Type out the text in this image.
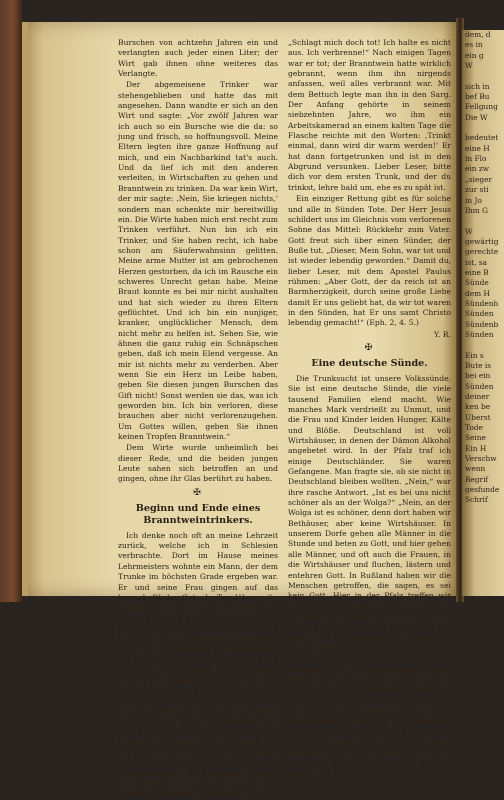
dem, d
es in
ein g
W

sich in
bef Bu
Fellgung
Die W

bedeutet
eine H
in Flo
ein zw
„sieger
zur sti
in Jo
Ihm G

W
gewärtig
gerechte
ist, sa
eine B
Sünde
dem H
Sündenh
Sünden
Sündenb
Sünden

Ein s
Bute is
bei ein
Sünden
deiner
ken be
Uberst
Tode
Seine
Ein H
Verschw
wenn
Begrif
gesfunde
Schrif

Burschen von achtzehn Jahren ein und verlangten auch jeder einen Liter; der Wirt gab ihnen ohne weiteres das Verlangte.

Der abgemeisene Trinker war stehengeblieben und hatte das mit angesehen. Dann wandte er sich an den Wirt und sagte: „Vor zwölf Jahren war ich auch so ein Bursche wie die da: so jung und frisch, so hoffnungsvoll. Meine Eltern legten ihre ganze Hoffnung auf mich, und ein Nachbarkind tat's auch. Und da lief ich mit den anderen verleiten, in Wirtschaften zu gehen und Branntwein zu trinken. Da war kein Wirt, der mir sagte: ‚Nein, Sie kriegen nichts,‘ sondern man schenkte mir bereitwillig ein. Die Wirte haben mich erst recht zum Trinken verführt. Nun bin ich ein Trinker, und Sie haben recht, ich habe schon am Säuferwahnsinn gelitten. Meine arme Mutter ist am gebrochenen Herzen gestorben, da ich im Rausche ein schweres Unrecht getan habe. Meine Braut konnte es bei mir nicht aushalten und hat sich wieder zu ihren Eltern geflüchtet. Und ich bin ein nunjiger, kranker, unglücklicher Mensch, dem nicht mehr zu helfen ist. Sehen Sie, wie ähnen die ganz ruhig ein Schnäpschen geben, daß ich mein Elend vergesse. An mir ist nichts mehr zu verderben. Aber wenn Sie ein Herz im Leibe haben, geben Sie diesen jungen Burschen das Gift nicht! Sonst werden sie das, was ich geworden bin. Ich bin verloren, diese brauchen aber nicht verlorenzugehen. Um Gottes willen, geben Sie ihnen keinen Tropfen Branntwein.“

Dem Wirte wurde unheimlich bei dieser Rede, und die beiden jungen Leute sahen sich betroffen an und gingen, ohne ihr Glas berührt zu haben.

✠
Beginn und Ende eines Branntweintrinkers.

Ich denke noch oft an meine Lehrzeit zurück, welche ich in Schlesien verbrachte. Dort im Hause meines Lehrmeisters wohnte ein Mann, der dem Trunke im höchsten Grade ergeben war. Er und seine Frau gingen auf das herrschaftliche Gut als Tagelöhner, ihr einziges Kind mußte inzwischen bei anderen Leuten untergebracht werden. Die Frau mußte vor ihrem Manne allen Keller, Stall und Wohnung verschließen; nicht war ihm zu gering oder zu wertvoll, um es für Branntwein herzugeben. Noch oft sehe ich die Tränen der Frau, wenn es ihm doch gelungen war, die Tür zu erbrechen oder durchs Fenster zu steigen, um irgend etwas zu erhaschen, selbst die Betten gab er für das Getränk dahin. Wie es kurz zu bezeichnen: So war ein schrecklichst Elend in dieser Familie. Da wurde der Mann krank und lag zu Bette, und nach einigen Tagen starb er unter seiner Frau im Säuferwahnsinn. Wir Lehrlinge schliefen über seiner Wohnung, da hörten wir zu unserem Entsetzen ihn überlaut bitten:

„Schlagt mich doch tot! Ich halte es nicht aus. Ich verbrenne!“ Nach einigen Tagen war er tot; der Branntwein hatte wirklich gebrannt, wenn ihm ihn nirgends anfassen, weil alles verbrannt war. Mit dem Bettuch legte man ihn in den Sarg. Der Anfang gehörte in seinem siebzehnten Jahre, wo ihm ein Arbeitskamerad an einem kalten Tage die Flasche reichte mit den Worten: ‚Trinkt einmal, dann wird dir warm werden!‘ Er hat dann fortgetrunken und ist in den Abgrund versunken. Lieber Leser, bitte dich vor dem ersten Trunk, und der du trinkst, lehre bald um, ehe es zu spät ist.

Ein einziger Rettung gibt es für solche und alle in Sünden Tote. Der Herr Jesus schildert uns im Gleichnis vom verlorenen Sohne das Mittel: Rückkehr zum Vater. Gott freut sich über einen Sünder, der Buße tut. „Dieser, Mein Sohn, war tot und ist wieder lebendig geworden.“ Damit du, lieber Leser, mit dem Apostel Paulus rühmen: „Aber Gott, der da reich ist an Barmherzigkeit, durch seine große Liebe damit Er uns geliebt hat, da wir tot waren in den Sünden, hat Er uns samt Christo lebendig gemacht!“ (Eph. 2, 4. 5.)

Y. R.

✠
Eine deutsche Sünde.

Die Trunksucht ist unsere Volkssünde. Sie ist eine deutsche Sünde, die viele tausend Familien elend macht. Wie manches Mark verdrießt zu Unmut, und die Frau und Kinder leiden Hunger, Kälte und Blöße. Deutschland ist voll Wirtshäuser, in denen der Dämon Alkohol angebetet wird. In der Pfalz traf ich einige Deutschländer. Sie waren Gefangene. Man fragte sie, ob sie nicht in Deutschland bleiben wollten. „Nein,“ war ihre rasche Antwort. „Ist es bei uns nicht schöner als an der Wolga?“ „Nein, an der Wolga ist es schöner, denn dort haben wir Bethäuser, aber keine Wirtshäuser. In unserem Dorfe gehen alle Männer in die Stunde und beten zu Gott, und hier gehen alle Männer, und oft auch die Frauen, in die Wirtshäuser und fluchen, lästern und entehren Gott. In Rußland haben wir die Menschen getroffen, die sagen, es sei kein Gott. Hier in der Pfalz treffen wir Leute, die verlachen Gebet und Bibellesen und sagen, es sei kein Gott. Unter diesem Volke, das keinen Gott hat und in den Wirtshäusern lebt, wollen wir nicht wohnen.“

Welchen Vaterlandsfreund muß diese Geständnis der Kriegsgefangenen nicht weh tun! Gott sei es geklagt, unser Volk ist an den Trunk verkauft. Durch den Alkohol bekundet sich der Deutsche.

Ob es ein Verbrechen, daß in Deutschland so viel Geld zum Vermögen gegeben werden ist. Die Mütter und Kinder hungern, und die Trinker berauschen sich mit dem Brote der Armen. O, welche Schande! Wie feierlich spricht der Prophet: „Wehe
